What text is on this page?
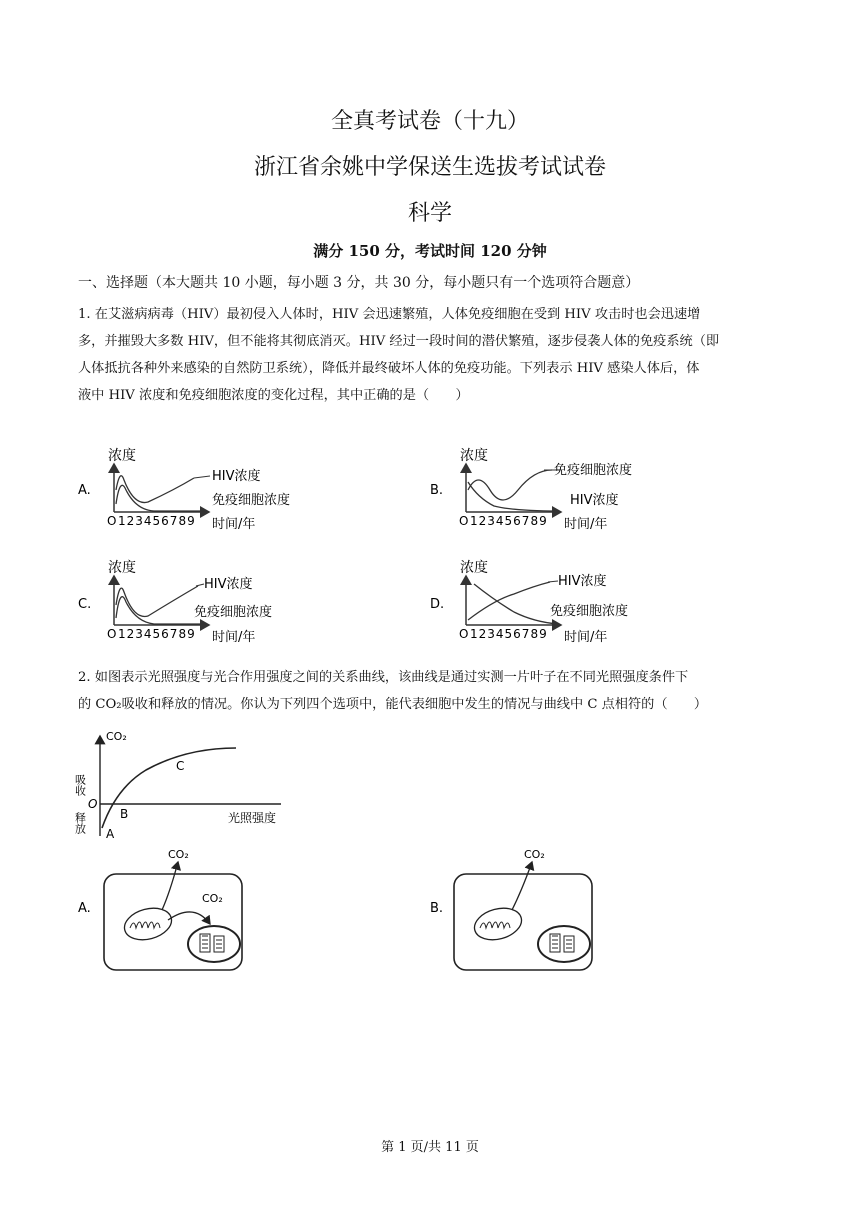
全真考试卷（十九）
浙江省余姚中学保送生选拔考试试卷
科学
满分 150 分，考试时间 120 分钟
一、选择题（本大题共 10 小题，每小题 3 分，共 30 分，每小题只有一个选项符合题意）
1. 在艾滋病病毒（HIV）最初侵入人体时，HIV 会迅速繁殖，人体免疫细胞在受到 HIV 攻击时也会迅速增
多，并摧毁大多数 HIV，但不能将其彻底消灭。HIV 经过一段时间的潜伏繁殖，逐步侵袭人体的免疫系统（即
人体抵抗各种外来感染的自然防卫系统），降低并最终破坏人体的免疫功能。下列表示 HIV 感染人体后，体
液中 HIV 浓度和免疫细胞浓度的变化过程，其中正确的是（　　）
A.
浓度
HIV浓度
免疫细胞浓度
O 123456789 时间/年
B.
浓度
免疫细胞浓度
HIV浓度
O 123456789 时间/年
C.
浓度
HIV浓度
免疫细胞浓度
O 123456789 时间/年
D.
浓度
HIV浓度
免疫细胞浓度
O 123456789 时间/年
2. 如图表示光照强度与光合作用强度之间的关系曲线，该曲线是通过实测一片叶子在不同光照强度条件下
的 CO₂吸收和释放的情况。你认为下列四个选项中，能代表细胞中发生的情况与曲线中 C 点相符的（　　）
CO₂
吸收
释放
O
光照强度
A
B
C
A.
CO₂
CO₂
B.
CO₂
第 1 页/共 11 页
